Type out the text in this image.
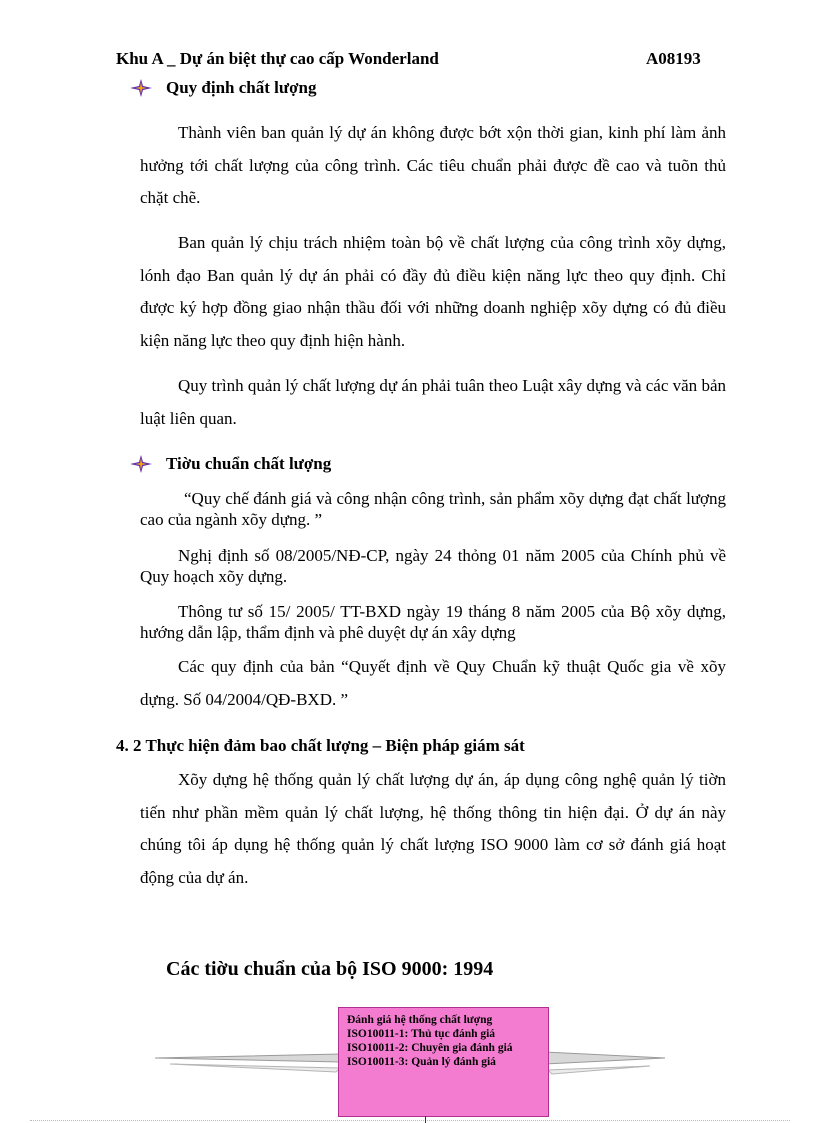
Khu A _ Dự án biệt thự cao cấp Wonderland	A08193
Quy định chất lượng
Thành viên ban quản lý dự án không được bớt xộn thời gian, kinh phí làm ảnh hưởng tới chất lượng của công trình. Các tiêu chuẩn phải được đề cao và tuõn thủ chặt chẽ.
Ban quản lý chịu trách nhiệm toàn bộ về chất lượng của công trình xõy dựng, lónh đạo Ban quản lý dự án phải có đầy đủ điều kiện năng lực theo quy định. Chỉ được ký hợp đồng giao nhận thầu đối với những doanh nghiệp xõy dựng có đủ điều kiện năng lực theo quy định hiện hành.
Quy trình quản lý chất lượng dự án phải tuân theo Luật xây dựng và các văn bản luật liên quan.
Tiờu chuẩn chất lượng
“Quy chế đánh giá và công nhận công trình, sản phẩm xõy dựng đạt chất lượng cao của ngành xõy dựng. ”
Nghị định số 08/2005/NĐ-CP, ngày 24 thỏng 01 năm 2005 của Chính phủ về Quy hoạch xõy dựng.
Thông tư số 15/ 2005/ TT-BXD ngày 19 tháng 8 năm 2005 của Bộ xõy dựng, hướng dẫn lập, thẩm định và phê duyệt dự án xây dựng
Các quy định của bản “Quyết định về Quy Chuẩn kỹ thuật Quốc gia về xõy dựng. Số 04/2004/QĐ-BXD. ”
4. 2 Thực hiện đảm bao chất lượng – Biện pháp giám sát
Xõy dựng hệ thống quản lý chất lượng dự án, áp dụng công nghệ quản lý tiờn tiến như phần mềm quản lý chất lượng, hệ thống thông tin hiện đại. Ở dự án này chúng tôi áp dụng hệ thống quản lý chất lượng ISO 9000 làm cơ sở đánh giá hoạt động của dự án.
Các tiờu chuẩn của bộ ISO 9000: 1994
Đánh giá hệ thống chất lượng
ISO10011-1: Thủ tục đánh giá
ISO10011-2: Chuyên gia đánh giá
ISO10011-3: Quản lý đánh giá
